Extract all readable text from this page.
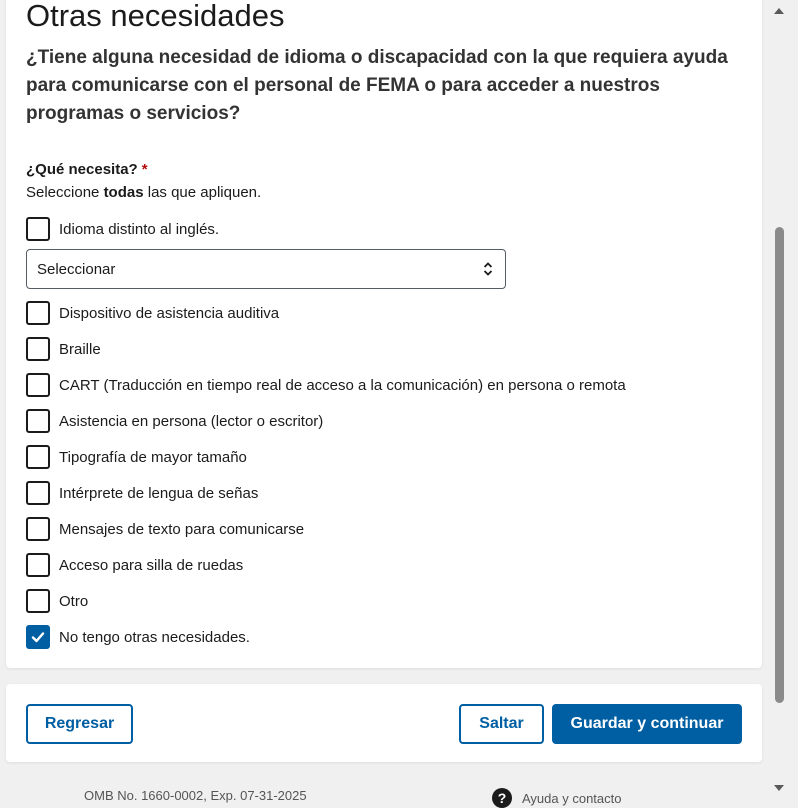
Otras necesidades

¿Tiene alguna necesidad de idioma o discapacidad con la que requiera ayuda para comunicarse con el personal de FEMA o para acceder a nuestros programas o servicios?

¿Qué necesita? *
Seleccione todas las que apliquen.
Idioma distinto al inglés.
Seleccionar
Dispositivo de asistencia auditiva
Braille
CART (Traducción en tiempo real de acceso a la comunicación) en persona o remota
Asistencia en persona (lector o escritor)
Tipografía de mayor tamaño
Intérprete de lengua de señas
Mensajes de texto para comunicarse
Acceso para silla de ruedas
Otro
No tengo otras necesidades.
Regresar	Saltar	Guardar y continuar
OMB No. 1660-0002, Exp. 07-31-2025	?	Ayuda y contacto
